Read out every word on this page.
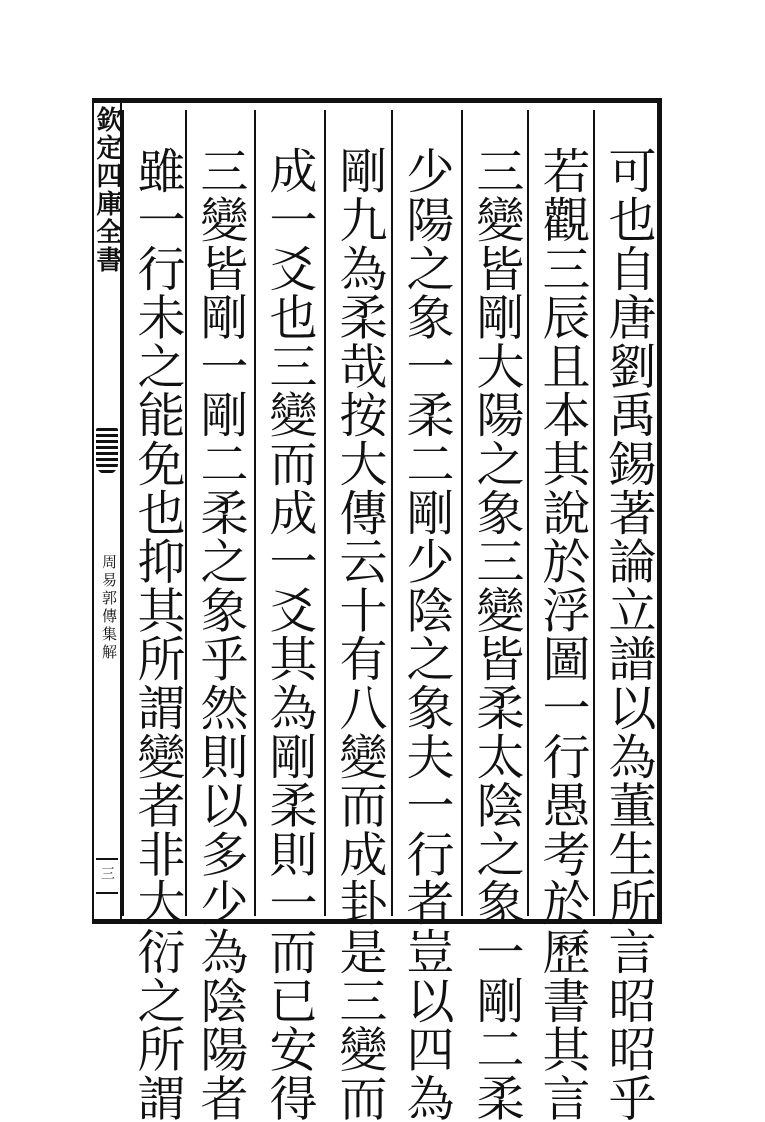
欽定四庫全書
周易郭傳集解
三	可也自唐劉禹錫著論立譜以為董生所言昭昭乎
若觀三辰且本其說於浮圖一行愚考於歷書其言
三變皆剛大陽之象三變皆柔太陰之象一剛二柔
少陽之象一柔二剛少陰之象夫一行者豈以四為
剛九為柔哉按大傳云十有八變而成卦是三變而
成一爻也三變而成一爻其為剛柔則一而已安得
三變皆剛一剛二柔之象乎然則以多少為陰陽者
雖一行未之能免也抑其所謂變者非大衍之所謂
